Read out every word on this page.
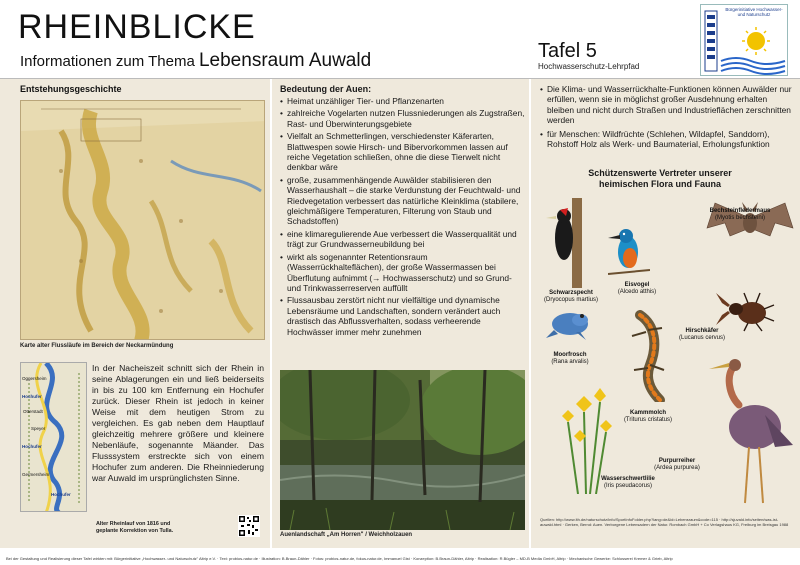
RHEINBLICKE
Informationen zum Thema Lebensraum Auwald	Tafel 5
Hochwasserschutz-Lehrpfad
Bürgerinitiative Hochwasser- und Naturschutz
Entstehungsgeschichte
Karte alter Flussläufe im Bereich der Neckarmündung
Oggersheim
Hochufer
Otterstadt
Speyer
Hochufer
Germersheim
Hochufer
In der Nacheiszeit schnitt sich der Rhein in seine Ablagerungen ein und ließ beiderseits in bis zu 100 km Entfernung ein Hochufer zurück. Dieser Rhein ist jedoch in keiner Weise mit dem heutigen Strom zu vergleichen. Es gab neben dem Hauptlauf gleichzeitig mehrere größere und kleinere Nebenläufe, sogenannte Mäander. Das Flusssystem erstreckte sich von einem Hochufer zum anderen. Die Rheinniederung war Auwald im ursprünglichsten Sinne.
Alter Rheinlauf von 1816 und
geplante Korrektion von Tulla.
Bedeutung der Auen:
• Heimat unzähliger Tier- und Pflanzenarten
• zahlreiche Vogelarten nutzen Flussniederungen als Zugstraßen, Rast- und Überwinterungsgebiete
• Vielfalt an Schmetterlingen, verschiedenster Käferarten, Blattwespen sowie Hirsch- und Bibervorkommen lassen auf reiche Vegetation schließen, ohne die diese Tierwelt nicht denkbar wäre
• große, zusammenhängende Auwälder stabilisieren den Wasserhaushalt – die starke Verdunstung der Feuchtwald- und Riedvegetation verbessert das natürliche Kleinklima (stabilere, gleichmäßigere Temperaturen, Filterung von Staub und Schadstoffen)
• eine klimaregulierende Aue verbessert die Wasserqualität und trägt zur Grundwasserneubildung bei
• wirkt als sogenannter Retentionsraum (Wasserrückhalteflächen), der große Wassermassen bei Überflutung aufnimmt (→ Hochwasserschutz) und so Grund- und Trinkwasserreserven auffüllt
• Flussausbau zerstört nicht nur vielfältige und dynamische Lebensräume und Landschaften, sondern verändert auch drastisch das Abflussverhalten, sodass verheerende Hochwässer immer mehr zunehmen
Auenlandschaft „Am Horren" / Weichholzauen
• Die Klima- und Wasserrückhalte-Funktionen können Auwälder nur erfüllen, wenn sie in möglichst großer Ausdehnung erhalten bleiben und nicht durch Straßen und Industrieflächen zerschnitten werden
• für Menschen: Wildfrüchte (Schlehen, Wildapfel, Sanddorn), Rohstoff Holz als Werk- und Baumaterial, Erholungsfunktion
Schützenswerte Vertreter unserer
heimischen Flora und Fauna
Schwarzspecht
(Dryocopus martius)
Eisvogel
(Alcedo atthis)
Bechsteinfledermaus
(Myotis bechsteini)
Moorfrosch
(Rana arvalis)
Hirschkäfer
(Lucanus cervus)
Kammmolch
(Triturus cristatus)
Wasserschwertlilie
(Iris pseudacorus)
Purpurreiher
(Ardea purpurea)
Quellen: http://www.lth.de/naturschutz/info/SportInfoFolder.php?lang=de&id=Lebensraum&code=115 · http://sjuvald.info/seiten/was-ist-auwald.html · Gerken, Bernd: Auen. Verborgene Lebensadern der Natur. Rombach GmbH + Co Verlagshaus KG, Freiburg im Breisgau 1988
Bei der Gestaltung und Realisierung dieser Tafel wirkten mit: Bürgerinitiative „Hochwasser- und Naturschutz" Altrip e.V. · Text: probios-natur.de · Illustration: B.Braun-Dähler · Fotos: probios-natur.de, fokus-natur.de, Immanuel Gist · Konzeption: B.Braun-Dähler, Altrip · Realisation: R.Bügler – MD-B Media GmbH, Altrip · Mechanische Gewerke: Schlosserei Kremer & Grieb, Altrip
